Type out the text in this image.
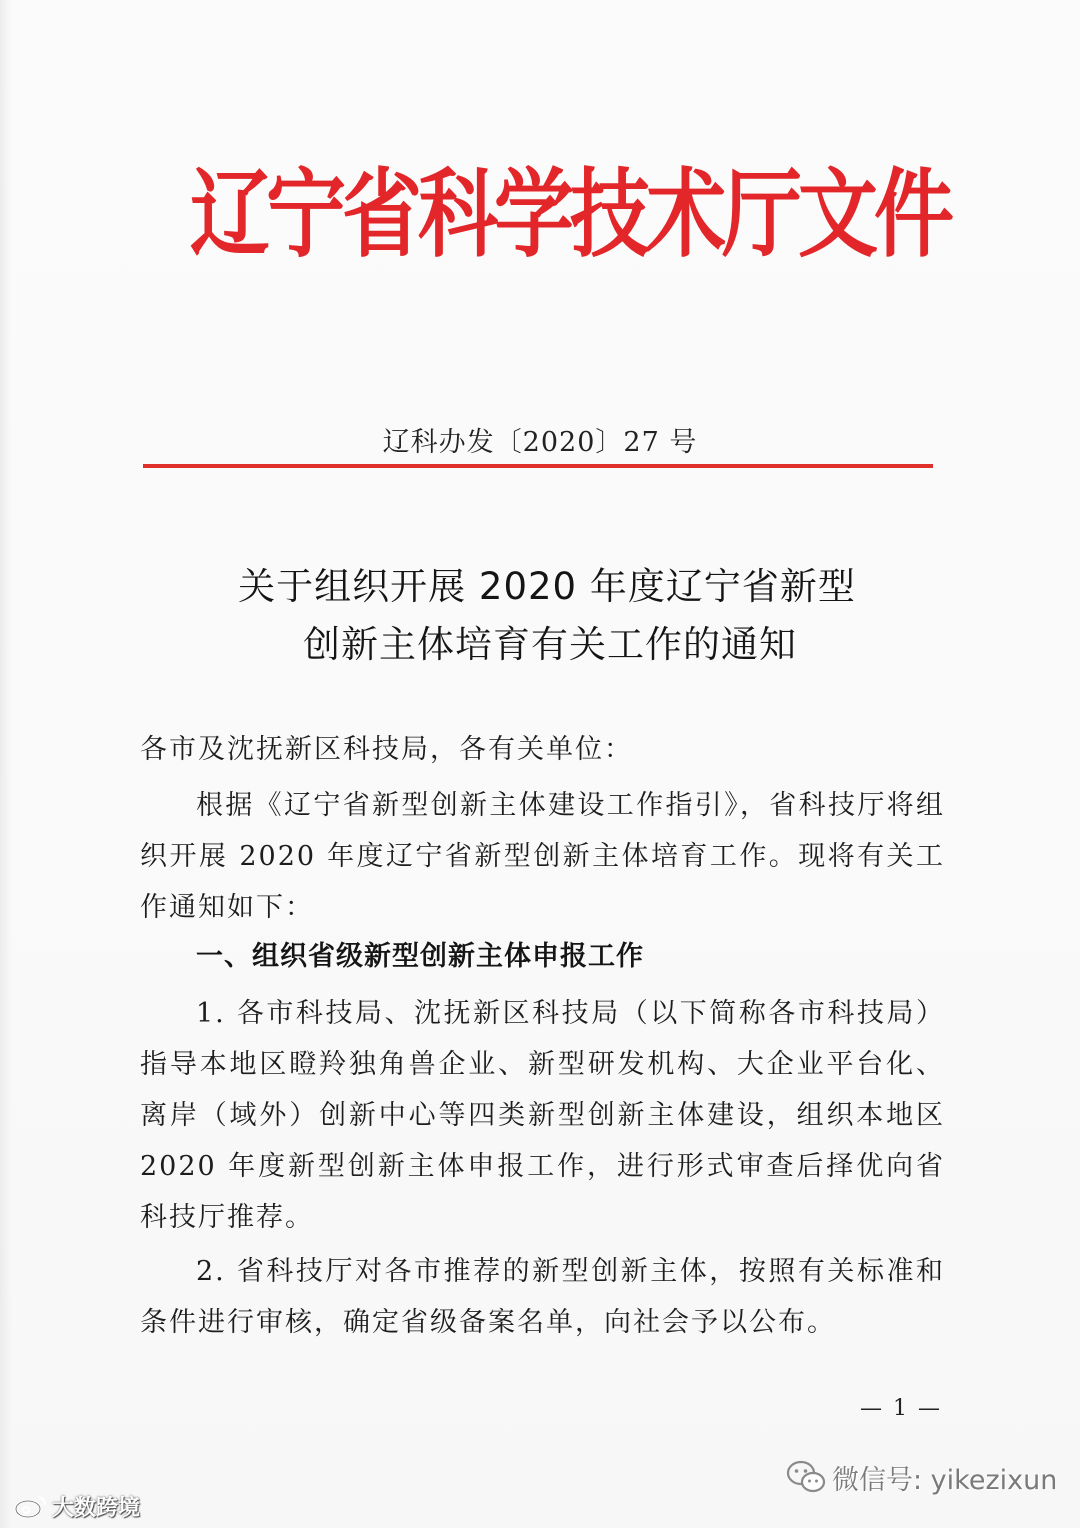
辽宁省科学技术厅文件
辽科办发〔2020〕27 号
关于组织开展 2020 年度辽宁省新型
创新主体培育有关工作的通知
各市及沈抚新区科技局，各有关单位：
根据《辽宁省新型创新主体建设工作指引》，省科技厅将组织开展 2020 年度辽宁省新型创新主体培育工作。现将有关工作通知如下：
一、组织省级新型创新主体申报工作
1. 各市科技局、沈抚新区科技局（以下简称各市科技局）指导本地区瞪羚独角兽企业、新型研发机构、大企业平台化、离岸（域外）创新中心等四类新型创新主体建设，组织本地区 2020 年度新型创新主体申报工作，进行形式审查后择优向省科技厅推荐。
2. 省科技厅对各市推荐的新型创新主体，按照有关标准和条件进行审核，确定省级备案名单，向社会予以公布。
— 1 —
微信号: yikezixun
大数跨境
